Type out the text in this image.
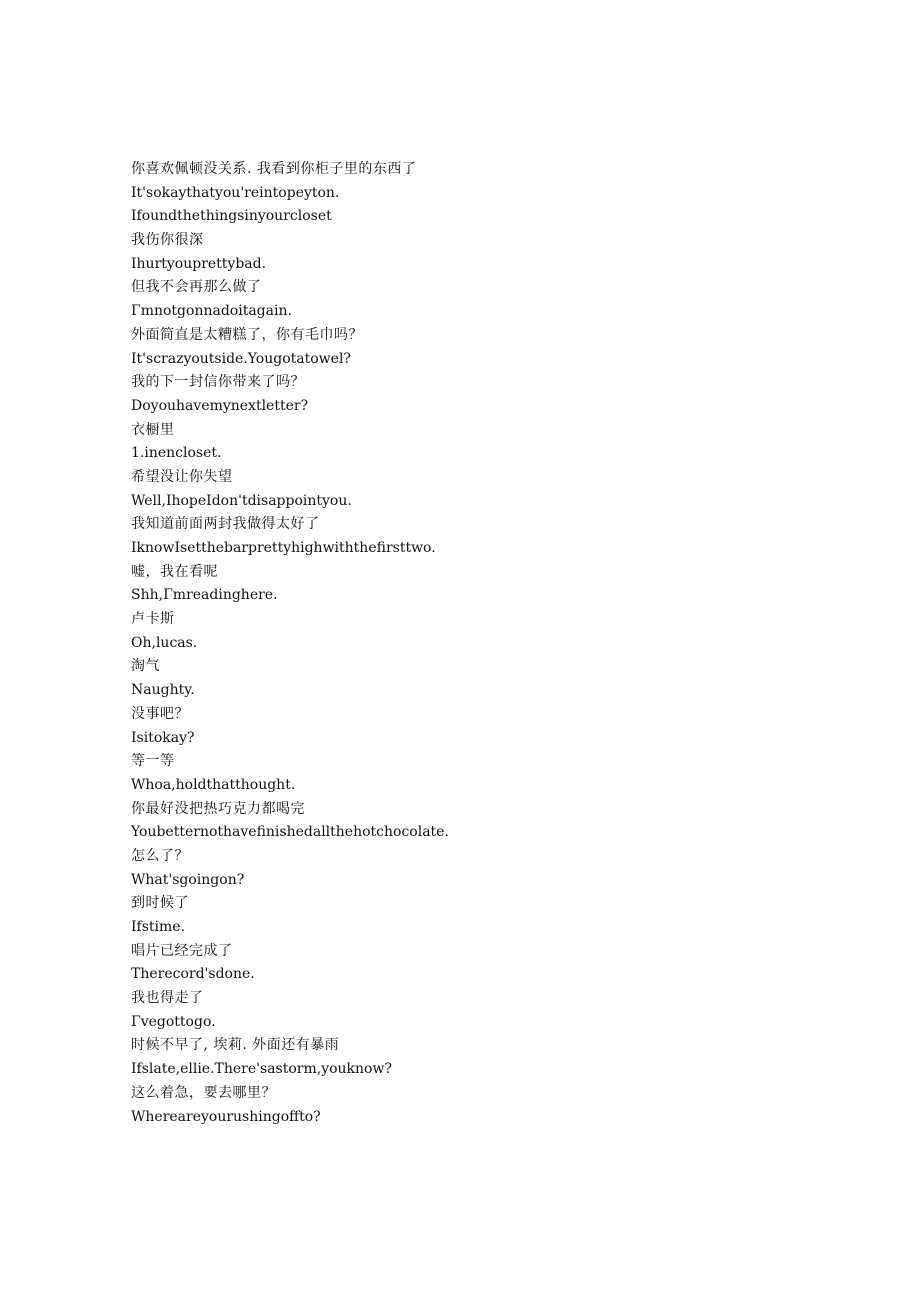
你喜欢佩顿没关系. 我看到你柜子里的东西了
It'sokaythatyou'reintopeyton.
Ifoundthethingsinyourcloset
我伤你很深
Ihurtyouprettybad.
但我不会再那么做了
Γmnotgonnadoitagain.
外面简直是太糟糕了，你有毛巾吗？
It'scrazyoutside.Yougotatowel?
我的下一封信你带来了吗？
Doyouhavemynextletter?
衣橱里
1.inencloset.
希望没让你失望
Well,IhopeIdon'tdisappointyou.
我知道前面两封我做得太好了
IknowIsetthebarprettyhighwiththefirsttwo.
嘘，我在看呢
Shh,Γmreadinghere.
卢卡斯
Oh,lucas.
淘气
Naughty.
没事吧？
Isitokay?
等一等
Whoa,holdthatthought.
你最好没把热巧克力都喝完
Youbetternothavefinishedallthehotchocolate.
怎么了？
What'sgoingon?
到时候了
Ifstime.
唱片已经完成了
Therecord'sdone.
我也得走了
Γvegottogo.
时候不早了, 埃莉. 外面还有暴雨
Ifslate,ellie.There'sastorm,youknow?
这么着急，要去哪里？
Whereareyourushingoffto?
